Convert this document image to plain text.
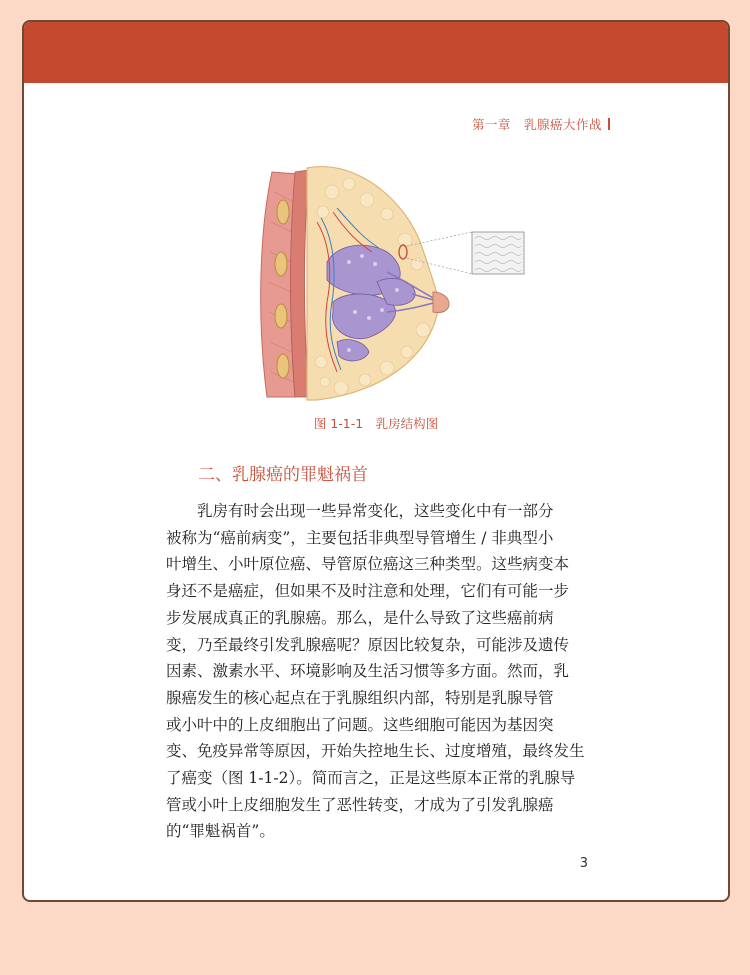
第一章　乳腺癌大作战
图 1-1-1　乳房结构图
二、乳腺癌的罪魁祸首
　　乳房有时会出现一些异常变化，这些变化中有一部分
被称为“癌前病变”，主要包括非典型导管增生 / 非典型小
叶增生、小叶原位癌、导管原位癌这三种类型。这些病变本
身还不是癌症，但如果不及时注意和处理，它们有可能一步
步发展成真正的乳腺癌。那么，是什么导致了这些癌前病
变，乃至最终引发乳腺癌呢？原因比较复杂，可能涉及遗传
因素、激素水平、环境影响及生活习惯等多方面。然而，乳
腺癌发生的核心起点在于乳腺组织内部，特别是乳腺导管
或小叶中的上皮细胞出了问题。这些细胞可能因为基因突
变、免疫异常等原因，开始失控地生长、过度增殖，最终发生
了癌变（图 1-1-2）。简而言之，正是这些原本正常的乳腺导
管或小叶上皮细胞发生了恶性转变，才成为了引发乳腺癌
的“罪魁祸首”。
3
